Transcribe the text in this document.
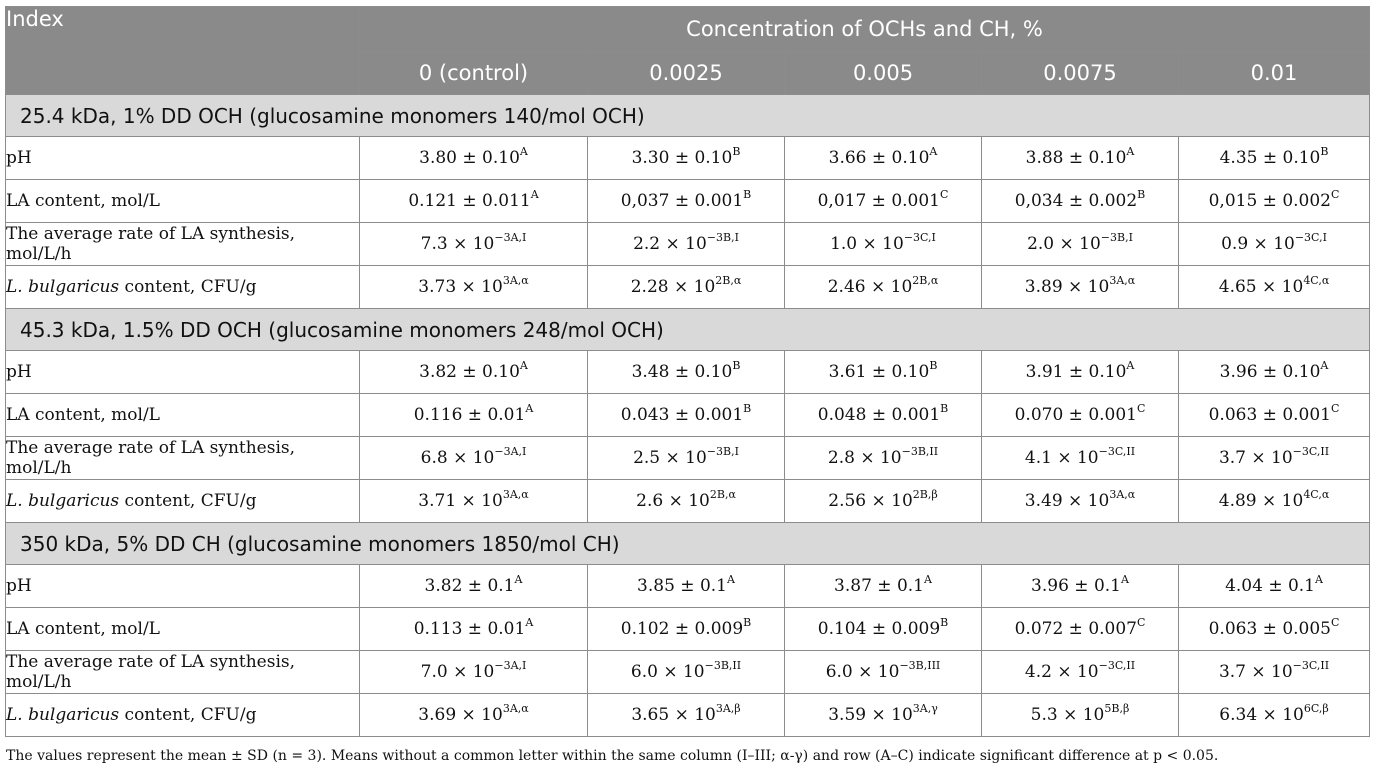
Index	Concentration of OCHs and CH, %				
	0 (control)	0.0025	0.005	0.0075	0.01
25.4 kDa, 1% DD OCH (glucosamine monomers 140/mol OCH)					
pH	$3.80 \pm 0.10^A$	$3.30 \pm 0.10^B$	$3.66 \pm 0.10^A$	$3.88 \pm 0.10^A$	$4.35 \pm 0.10^B$
LA content, mol/L	$0.121 \pm 0.011^A$	$0,037 \pm 0.001^B$	$0,017 \pm 0.001^C$	$0,034 \pm 0.002^B$	$0,015 \pm 0.002^C$
The average rate of LA synthesis, mol/L/h	$7.3 \times 10^{-3A,I}$	$2.2 \times 10^{-3B,I}$	$1.0 \times 10^{-3C,I}$	$2.0 \times 10^{-3B,I}$	$0.9 \times 10^{-3C,I}$
L. bulgaricus content, CFU/g	$3.73 \times 10^{3A,\alpha}$	$2.28 \times 10^{2B,\alpha}$	$2.46 \times 10^{2B,\alpha}$	$3.89 \times 10^{3A,\alpha}$	$4.65 \times 10^{4C,\alpha}$
45.3 kDa, 1.5% DD OCH (glucosamine monomers 248/mol OCH)					
pH	$3.82 \pm 0.10^A$	$3.48 \pm 0.10^B$	$3.61 \pm 0.10^B$	$3.91 \pm 0.10^A$	$3.96 \pm 0.10^A$
LA content, mol/L	$0.116 \pm 0.01^A$	$0.043 \pm 0.001^B$	$0.048 \pm 0.001^B$	$0.070 \pm 0.001^C$	$0.063 \pm 0.001^C$
The average rate of LA synthesis, mol/L/h	$6.8 \times 10^{-3A,I}$	$2.5 \times 10^{-3B,I}$	$2.8 \times 10^{-3B,II}$	$4.1 \times 10^{-3C,II}$	$3.7 \times 10^{-3C,II}$
L. bulgaricus content, CFU/g	$3.71 \times 10^{3A,\alpha}$	$2.6 \times 10^{2B,\alpha}$	$2.56 \times 10^{2B,\beta}$	$3.49 \times 10^{3A,\alpha}$	$4.89 \times 10^{4C,\alpha}$
350 kDa, 5% DD CH (glucosamine monomers 1850/mol CH)					
pH	$3.82 \pm 0.1^A$	$3.85 \pm 0.1^A$	$3.87 \pm 0.1^A$	$3.96 \pm 0.1^A$	$4.04 \pm 0.1^A$
LA content, mol/L	$0.113 \pm 0.01^A$	$0.102 \pm 0.009^B$	$0.104 \pm 0.009^B$	$0.072 \pm 0.007^C$	$0.063 \pm 0.005^C$
The average rate of LA synthesis, mol/L/h	$7.0 \times 10^{-3A,I}$	$6.0 \times 10^{-3B,II}$	$6.0 \times 10^{-3B,III}$	$4.2 \times 10^{-3C,II}$	$3.7 \times 10^{-3C,II}$
L. bulgaricus content, CFU/g	$3.69 \times 10^{3A,\alpha}$	$3.65 \times 10^{3A,\beta}$	$3.59 \times 10^{3A,\gamma}$	$5.3 \times 10^{5B,\beta}$	$6.34 \times 10^{6C,\beta}$
The values represent the mean ± SD (n = 3). Means without a common letter within the same column (I–III; α-γ) and row (A–C) indicate significant difference at p < 0.05.
